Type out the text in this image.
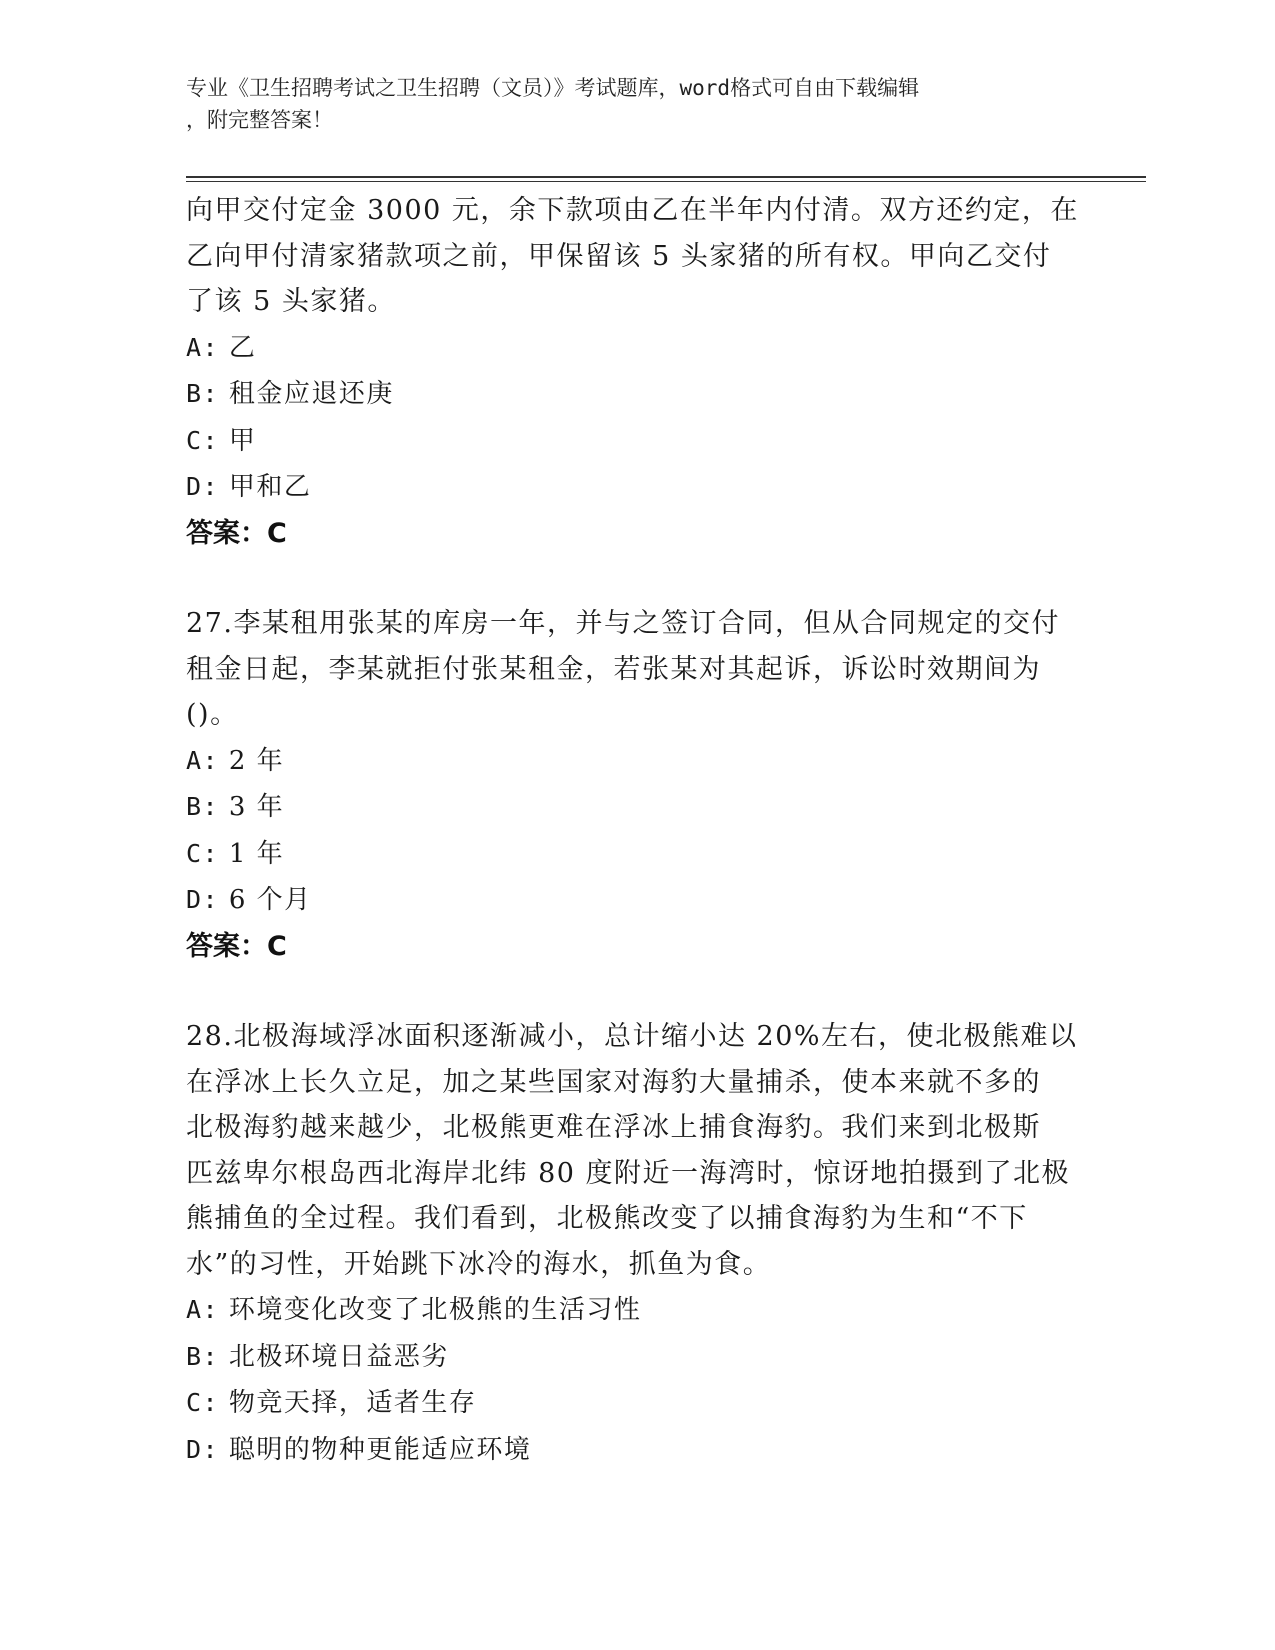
专业《卫生招聘考试之卫生招聘（文员）》考试题库，word格式可自由下载编辑
，附完整答案！
向甲交付定金 3000 元，余下款项由乙在半年内付清。双方还约定，在
乙向甲付清家猪款项之前，甲保留该 5 头家猪的所有权。甲向乙交付
了该 5 头家猪。
A: 乙
B: 租金应退还庚
C: 甲
D: 甲和乙
答案：C
27.李某租用张某的库房一年，并与之签订合同，但从合同规定的交付
租金日起，李某就拒付张某租金，若张某对其起诉，诉讼时效期间为
()。
A: 2 年
B: 3 年
C: 1 年
D: 6 个月
答案：C
28.北极海域浮冰面积逐渐减小，总计缩小达 20%左右，使北极熊难以
在浮冰上长久立足，加之某些国家对海豹大量捕杀，使本来就不多的
北极海豹越来越少，北极熊更难在浮冰上捕食海豹。我们来到北极斯
匹兹卑尔根岛西北海岸北纬 80 度附近一海湾时，惊讶地拍摄到了北极
熊捕鱼的全过程。我们看到，北极熊改变了以捕食海豹为生和“不下
水”的习性，开始跳下冰冷的海水，抓鱼为食。
A: 环境变化改变了北极熊的生活习性
B: 北极环境日益恶劣
C: 物竞天择，适者生存
D: 聪明的物种更能适应环境
